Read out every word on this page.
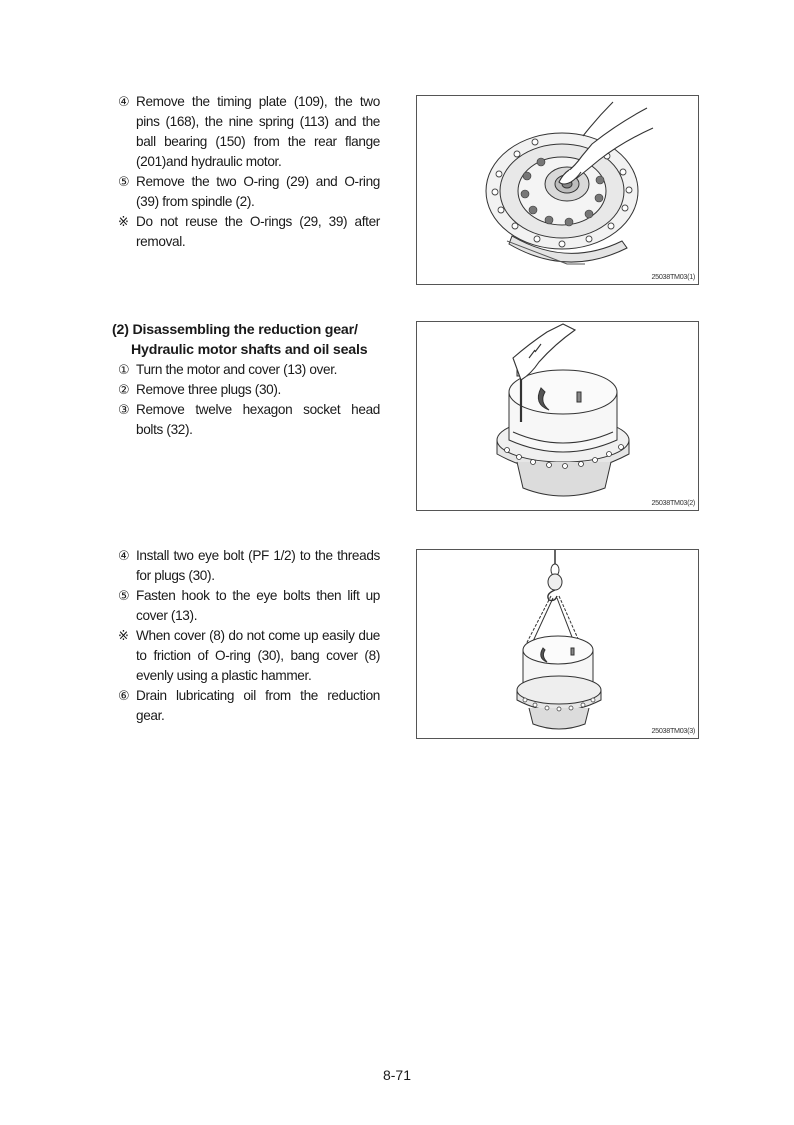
④ Remove the timing plate (109), the two pins (168), the nine spring (113) and the ball bearing (150) from the rear flange (201)and hydraulic motor.
⑤ Remove the two O-ring (29) and O-ring (39) from spindle (2).
※ Do not reuse the O-rings (29, 39) after removal.
25038TM03(1)
(2) Disassembling the reduction gear/
Hydraulic motor shafts and oil seals
① Turn the motor and cover (13) over.
② Remove three plugs (30).
③ Remove twelve hexagon socket head bolts (32).
25038TM03(2)
④ Install two eye bolt (PF 1/2) to the threads for plugs (30).
⑤ Fasten hook to the eye bolts then lift up cover (13).
※ When cover (8) do not come up easily due to friction of O-ring (30), bang cover (8) evenly using a plastic hammer.
⑥ Drain lubricating oil from the reduction gear.
25038TM03(3)
8-71
